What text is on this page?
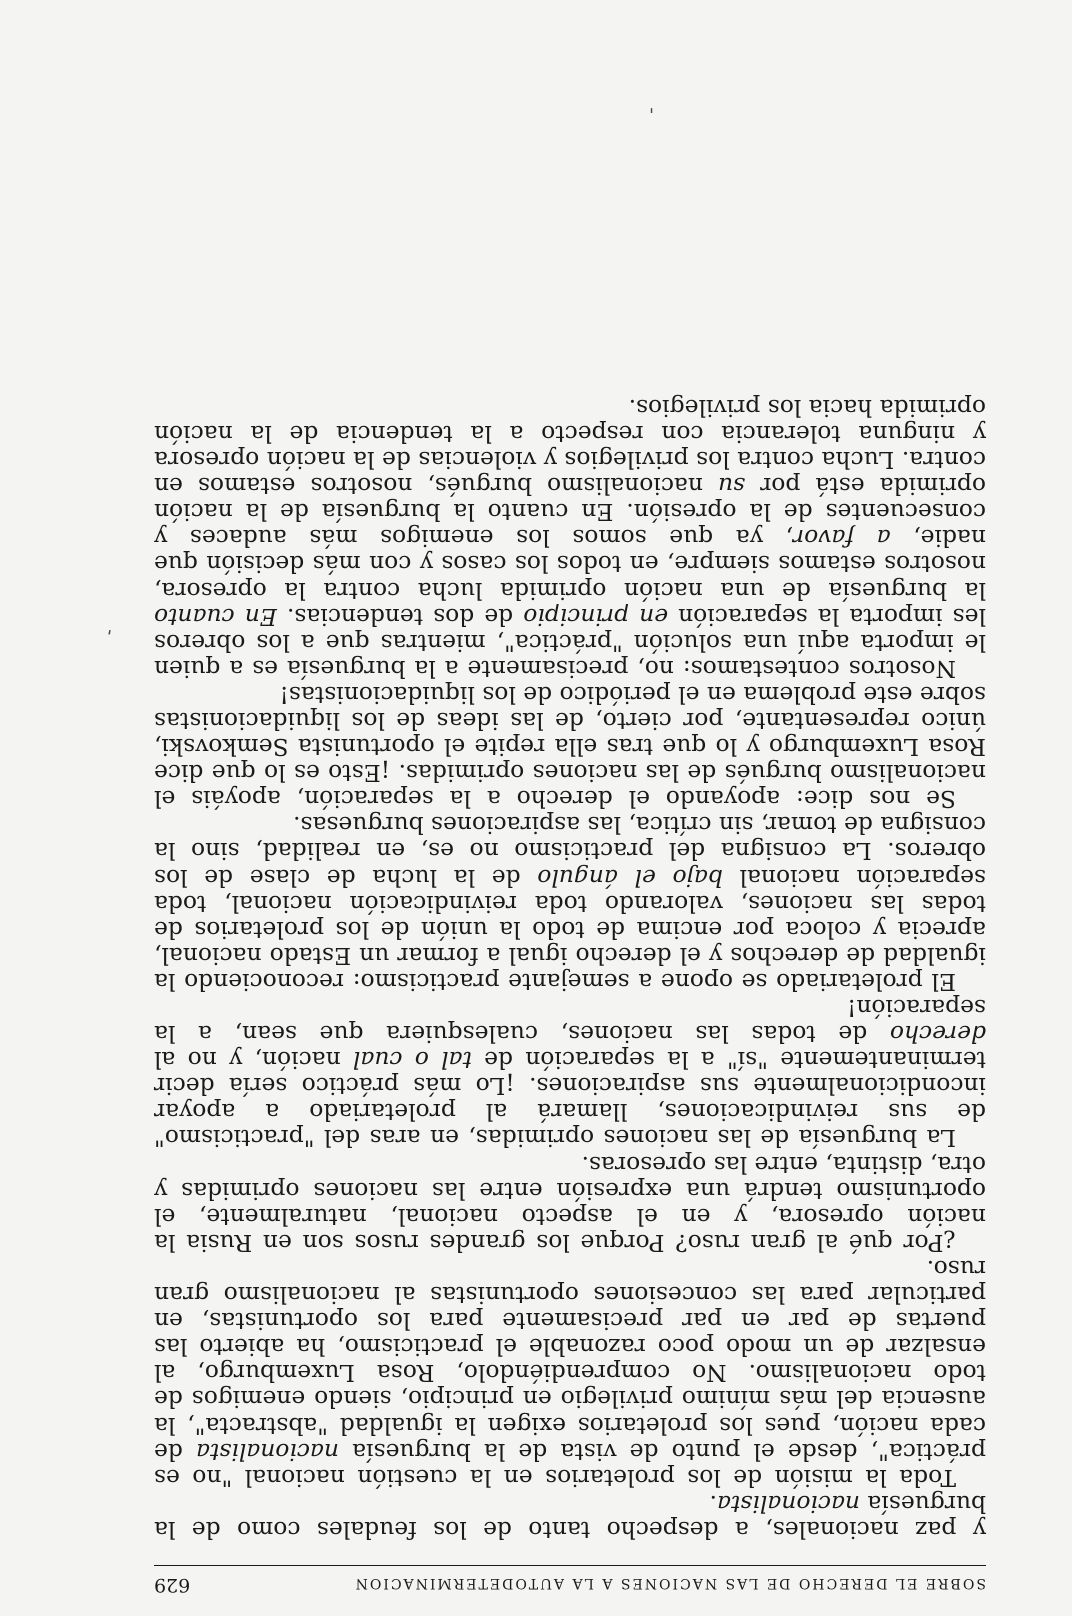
SOBRE EL DERECHO DE LAS NACIONES A LA AUTODETERMINACION
629

y paz nacionales, a despecho tanto de los feudales como de la burguesía nacionalista.

Toda la misión de los proletarios en la cuestión nacional "no es práctica", desde el punto de vista de la burguesía nacionalista de cada nación, pues los proletarios exigen la igualdad "abstracta", la ausencia del más mínimo privilegio en principio, siendo enemigos de todo nacionalismo. No comprendiéndolo, Rosa Luxemburgo, al ensalzar de un modo poco razonable el practicismo, ha abierto las puertas de par en par precisamente para los oportunistas, en particular para las concesiones oportunistas al nacionalismo gran ruso.

¿Por qué al gran ruso? Porque los grandes rusos son en Rusia la nación opresora, y en el aspecto nacional, naturalmente, el oportunismo tendrá una expresión entre las naciones oprimidas y otra, distinta, entre las opresoras.

La burguesía de las naciones oprimidas, en aras del "practicismo" de sus reivindicaciones, llamará al proletariado a apoyar incondicionalmente sus aspiraciones. ¡Lo más práctico sería decir terminantemente "sí" a la separación de tal o cual nación, y no al derecho de todas las naciones, cualesquiera que sean, a la separación!

El proletariado se opone a semejante practicismo: reconociendo la igualdad de derechos y el derecho igual a formar un Estado nacional, aprecia y coloca por encima de todo la unión de los proletarios de todas las naciones, valorando toda reivindicación nacional, toda separación nacional bajo el ángulo de la lucha de clase de los obreros. La consigna del practicismo no es, en realidad, sino la consigna de tomar, sin crítica, las aspiraciones burguesas.

Se nos dice: apoyando el derecho a la separación, apoyáis el nacionalismo burgués de las naciones oprimidas. ¡Esto es lo que dice Rosa Luxemburgo y lo que tras ella repite el oportunista Semkovski, único representante, por cierto, de las ideas de los liquidacionistas sobre este problema en el periódico de los liquidacionistas!

Nosotros contestamos: no, precisamente a la burguesía es a quien le importa aquí una solución "práctica", mientras que a los obreros les importa la separación en principio de dos tendencias. En cuanto la burguesía de una nación oprimida lucha contra la opresora, nosotros estamos siempre, en todos los casos y con más decisión que nadie, a favor, ya que somos los enemigos más audaces y consecuentes de la opresión. En cuanto la burguesía de la nación oprimida está por su nacionalismo burgués, nosotros estamos en contra. Lucha contra los privilegios y violencias de la nación opresora y ninguna tolerancia con respecto a la tendencia de la nación oprimida hacia los privilegios.

ʹ
'
